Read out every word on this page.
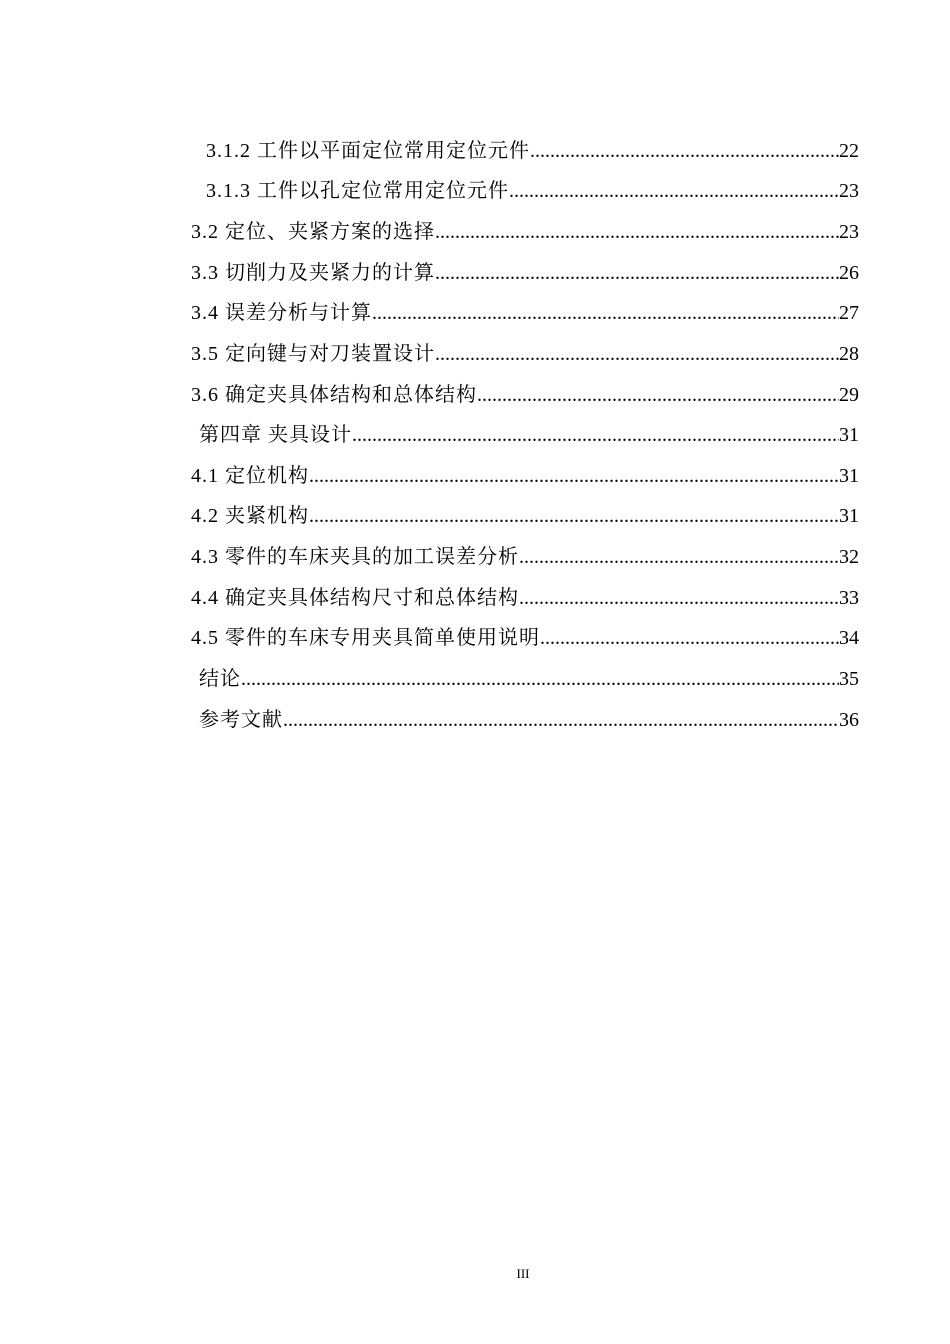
3.1.2 工件以平面定位常用定位元件 .....	22
3.1.3 工件以孔定位常用定位元件 .....	23
3.2 定位、夹紧方案的选择 .....	23
3.3 切削力及夹紧力的计算 .....	26
3.4 误差分析与计算 .....	27
3.5 定向键与对刀装置设计 .....	28
3.6 确定夹具体结构和总体结构 .....	29
第四章 夹具设计 .....	31
4.1 定位机构 .....	31
4.2 夹紧机构 .....	31
4.3 零件的车床夹具的加工误差分析 .....	32
4.4 确定夹具体结构尺寸和总体结构 .....	33
4.5 零件的车床专用夹具简单使用说明 .....	34
结论 .....	35
参考文献 .....	36
III
